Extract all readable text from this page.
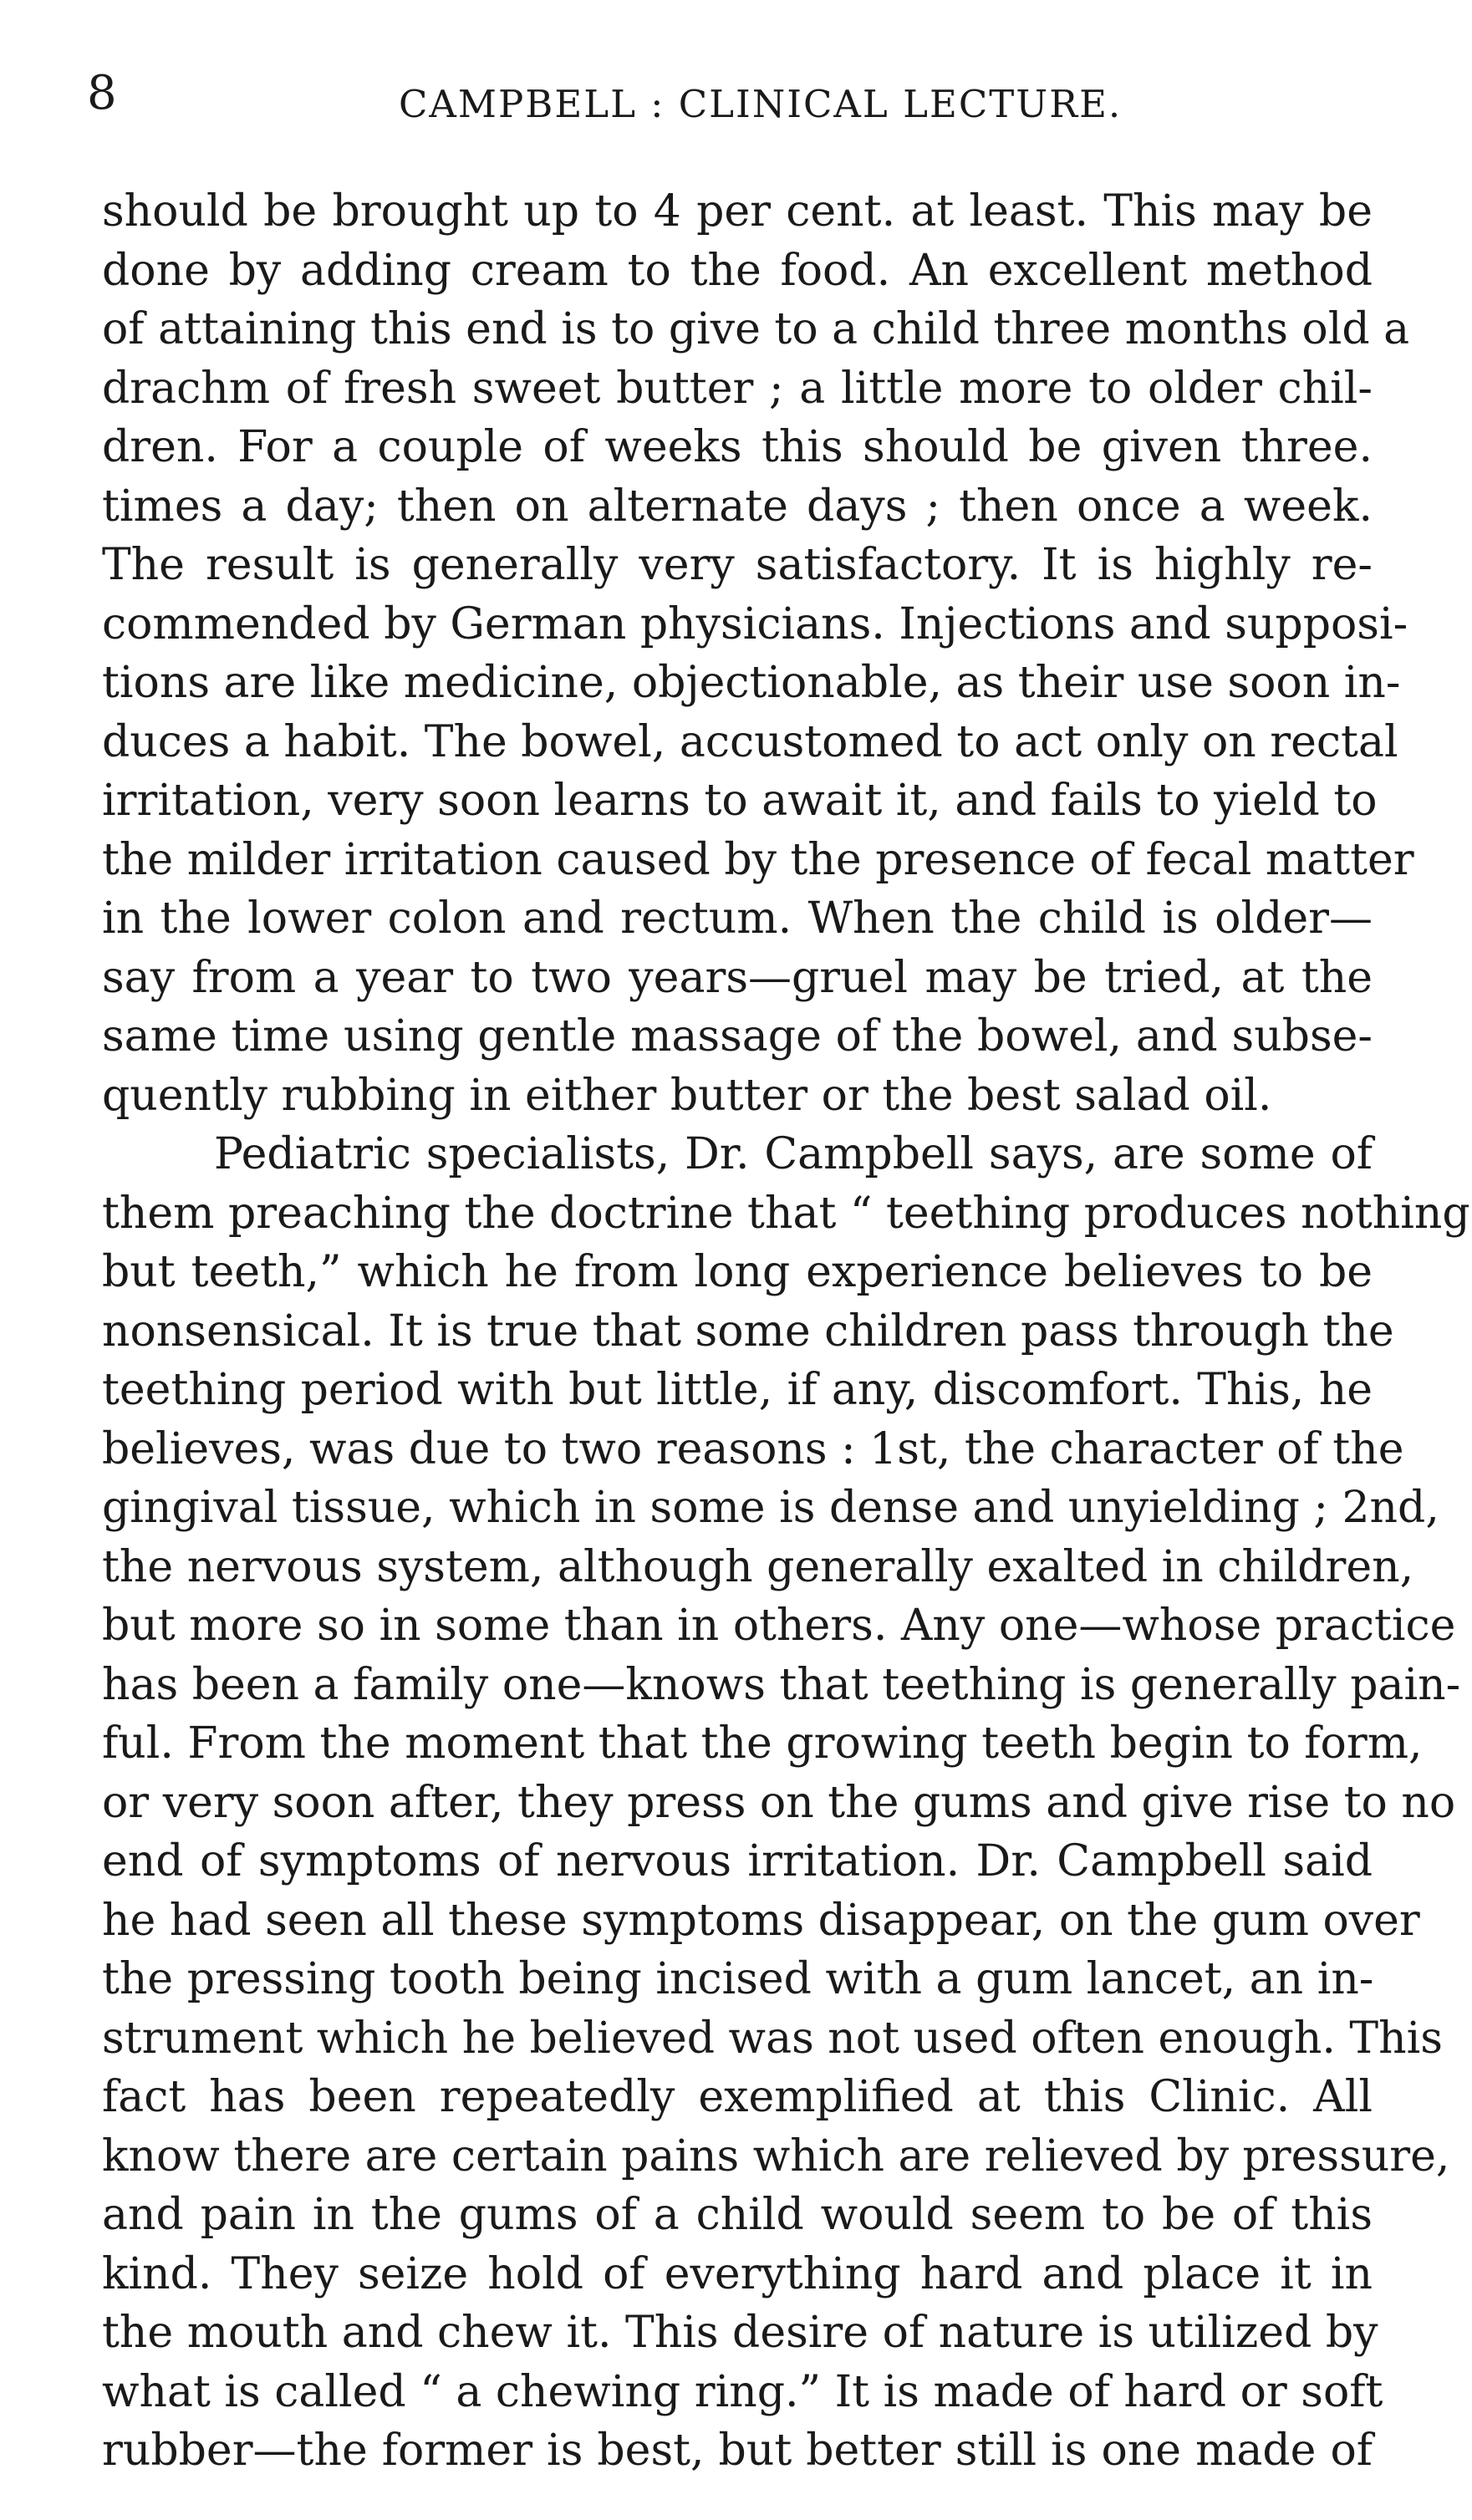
8	CAMPBELL : CLINICAL LECTURE.
should be brought up to 4 per cent. at least. This may be
done by adding cream to the food. An excellent method
of attaining this end is to give to a child three months old a
drachm of fresh sweet butter ; a little more to older chil-
dren. For a couple of weeks this should be given three.
times a day; then on alternate days ; then once a week.
The result is generally very satisfactory. It is highly re-
commended by German physicians. Injections and supposi-
tions are like medicine, objectionable, as their use soon in-
duces a habit. The bowel, accustomed to act only on rectal
irritation, very soon learns to await it, and fails to yield to
the milder irritation caused by the presence of fecal matter
in the lower colon and rectum. When the child is older—
say from a year to two years—gruel may be tried, at the
same time using gentle massage of the bowel, and subse-
quently rubbing in either butter or the best salad oil.
Pediatric specialists, Dr. Campbell says, are some of
them preaching the doctrine that “ teething produces nothing
but teeth,” which he from long experience believes to be
nonsensical. It is true that some children pass through the
teething period with but little, if any, discomfort. This, he
believes, was due to two reasons : 1st, the character of the
gingival tissue, which in some is dense and unyielding ; 2nd,
the nervous system, although generally exalted in children,
but more so in some than in others. Any one—whose practice
has been a family one—knows that teething is generally pain-
ful. From the moment that the growing teeth begin to form,
or very soon after, they press on the gums and give rise to no
end of symptoms of nervous irritation. Dr. Campbell said
he had seen all these symptoms disappear, on the gum over
the pressing tooth being incised with a gum lancet, an in-
strument which he believed was not used often enough. This
fact has been repeatedly exemplified at this Clinic. All
know there are certain pains which are relieved by pressure,
and pain in the gums of a child would seem to be of this
kind. They seize hold of everything hard and place it in
the mouth and chew it. This desire of nature is utilized by
what is called “ a chewing ring.” It is made of hard or soft
rubber—the former is best, but better still is one made of
